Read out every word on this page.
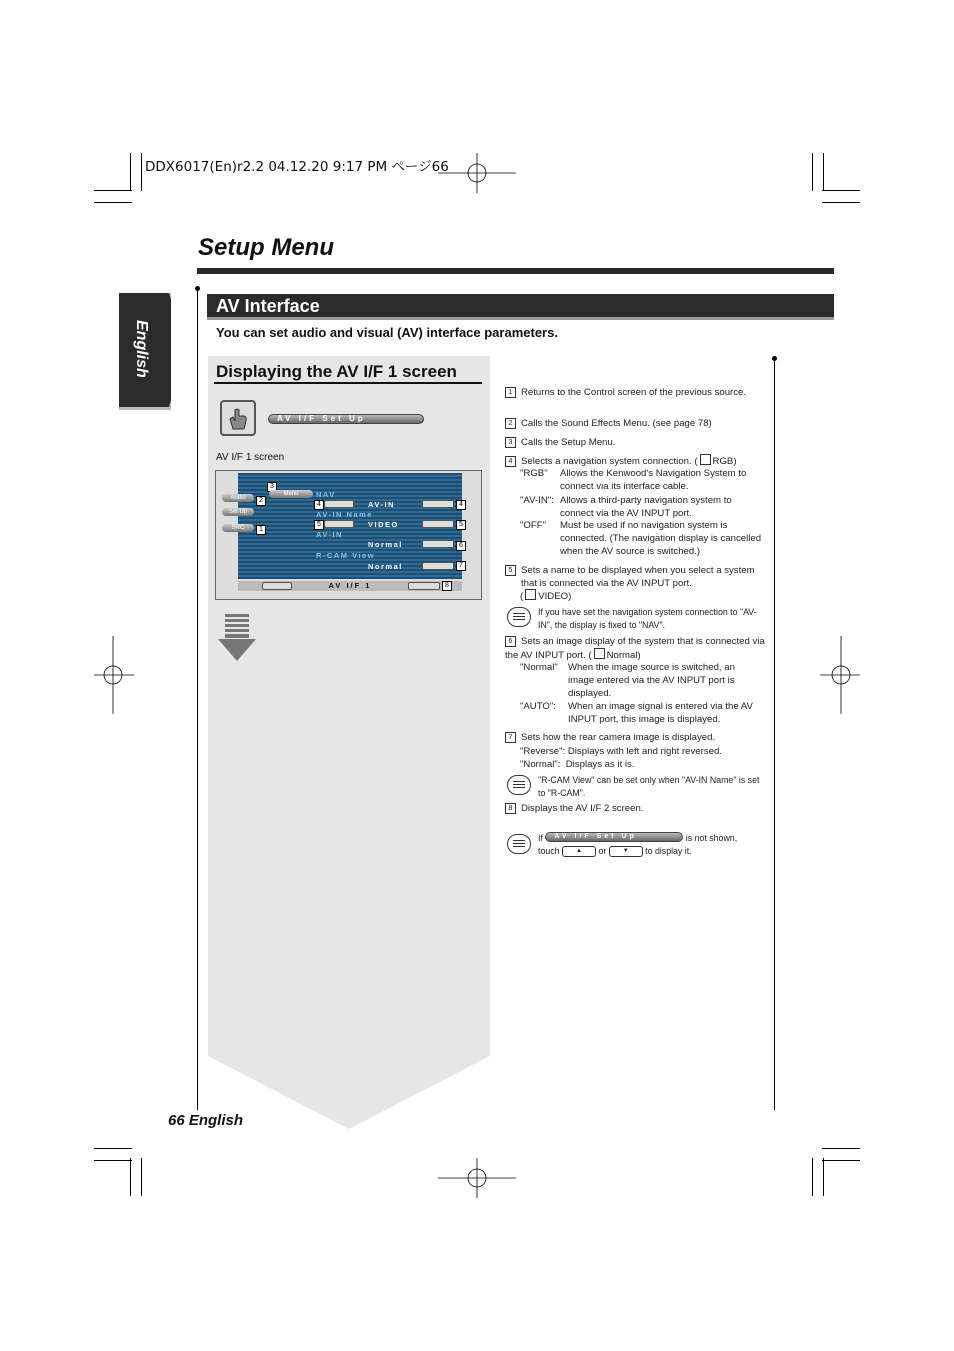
DDX6017(En)r2.2 04.12.20 9:17 PM ページ66
Setup Menu
English
AV Interface
You can set audio and visual (AV) interface parameters.
Displaying the AV I/F 1 screen
AV I/F Set Up
AV I/F 1 screen
Audio
Set Up
SRC
2
1
3
Menu	NAV
4	AV-IN	4
AV-IN Name
5	VIDEO	5
AV-IN
Normal	6
R-CAM View
Normal	7
AV I/F 1	8
1 Returns to the Control screen of the previous source.
2 Calls the Sound Effects Menu. (see page 78)
3 Calls the Setup Menu.
4 Selects a navigation system connection. ( RGB)
"RGB"	Allows the Kenwood's Navigation System to connect via its interface cable.
"AV-IN": Allows a third-party navigation system to connect via the AV INPUT port.
"OFF"	Must be used if no navigation system is connected. (The navigation display is cancelled when the AV source is switched.)
5 Sets a name to be displayed when you select a system that is connected via the AV INPUT port.
( VIDEO)
If you have set the navigation system connection to "AV-IN", the display is fixed to "NAV".
6 Sets an image display of the system that is connected via the AV INPUT port. ( Normal)
"Normal"	When the image source is switched, an image entered via the AV INPUT port is displayed.
"AUTO":	When an image signal is entered via the AV INPUT port, this image is displayed.
7 Sets how the rear camera image is displayed.
"Reverse": Displays with left and right reversed.
"Normal": Displays as it is.
"R-CAM View" can be set only when "AV-IN Name" is set to "R-CAM".
8 Displays the AV I/F 2 screen.
If AV I/F Set Up	is not shown,
touch	▲ or	▼ to display it.
66 English
